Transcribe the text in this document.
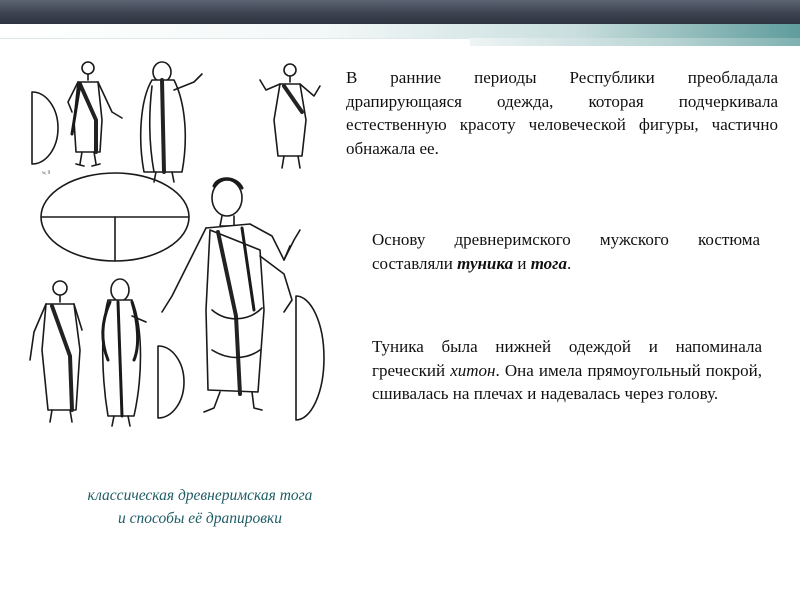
w, 9
В ранние периоды Республики преобладала драпирующаяся одежда, которая подчеркивала естественную красоту человеческой фигуры, частично обнажала ее.
Основу древнеримского мужского костюма составляли туника и тога.
Туника была нижней одеждой и напоминала греческий хитон. Она имела прямоугольный покрой, сшивалась на плечах и надевалась через голову.
классическая древнеримская тога
и способы её драпировки
